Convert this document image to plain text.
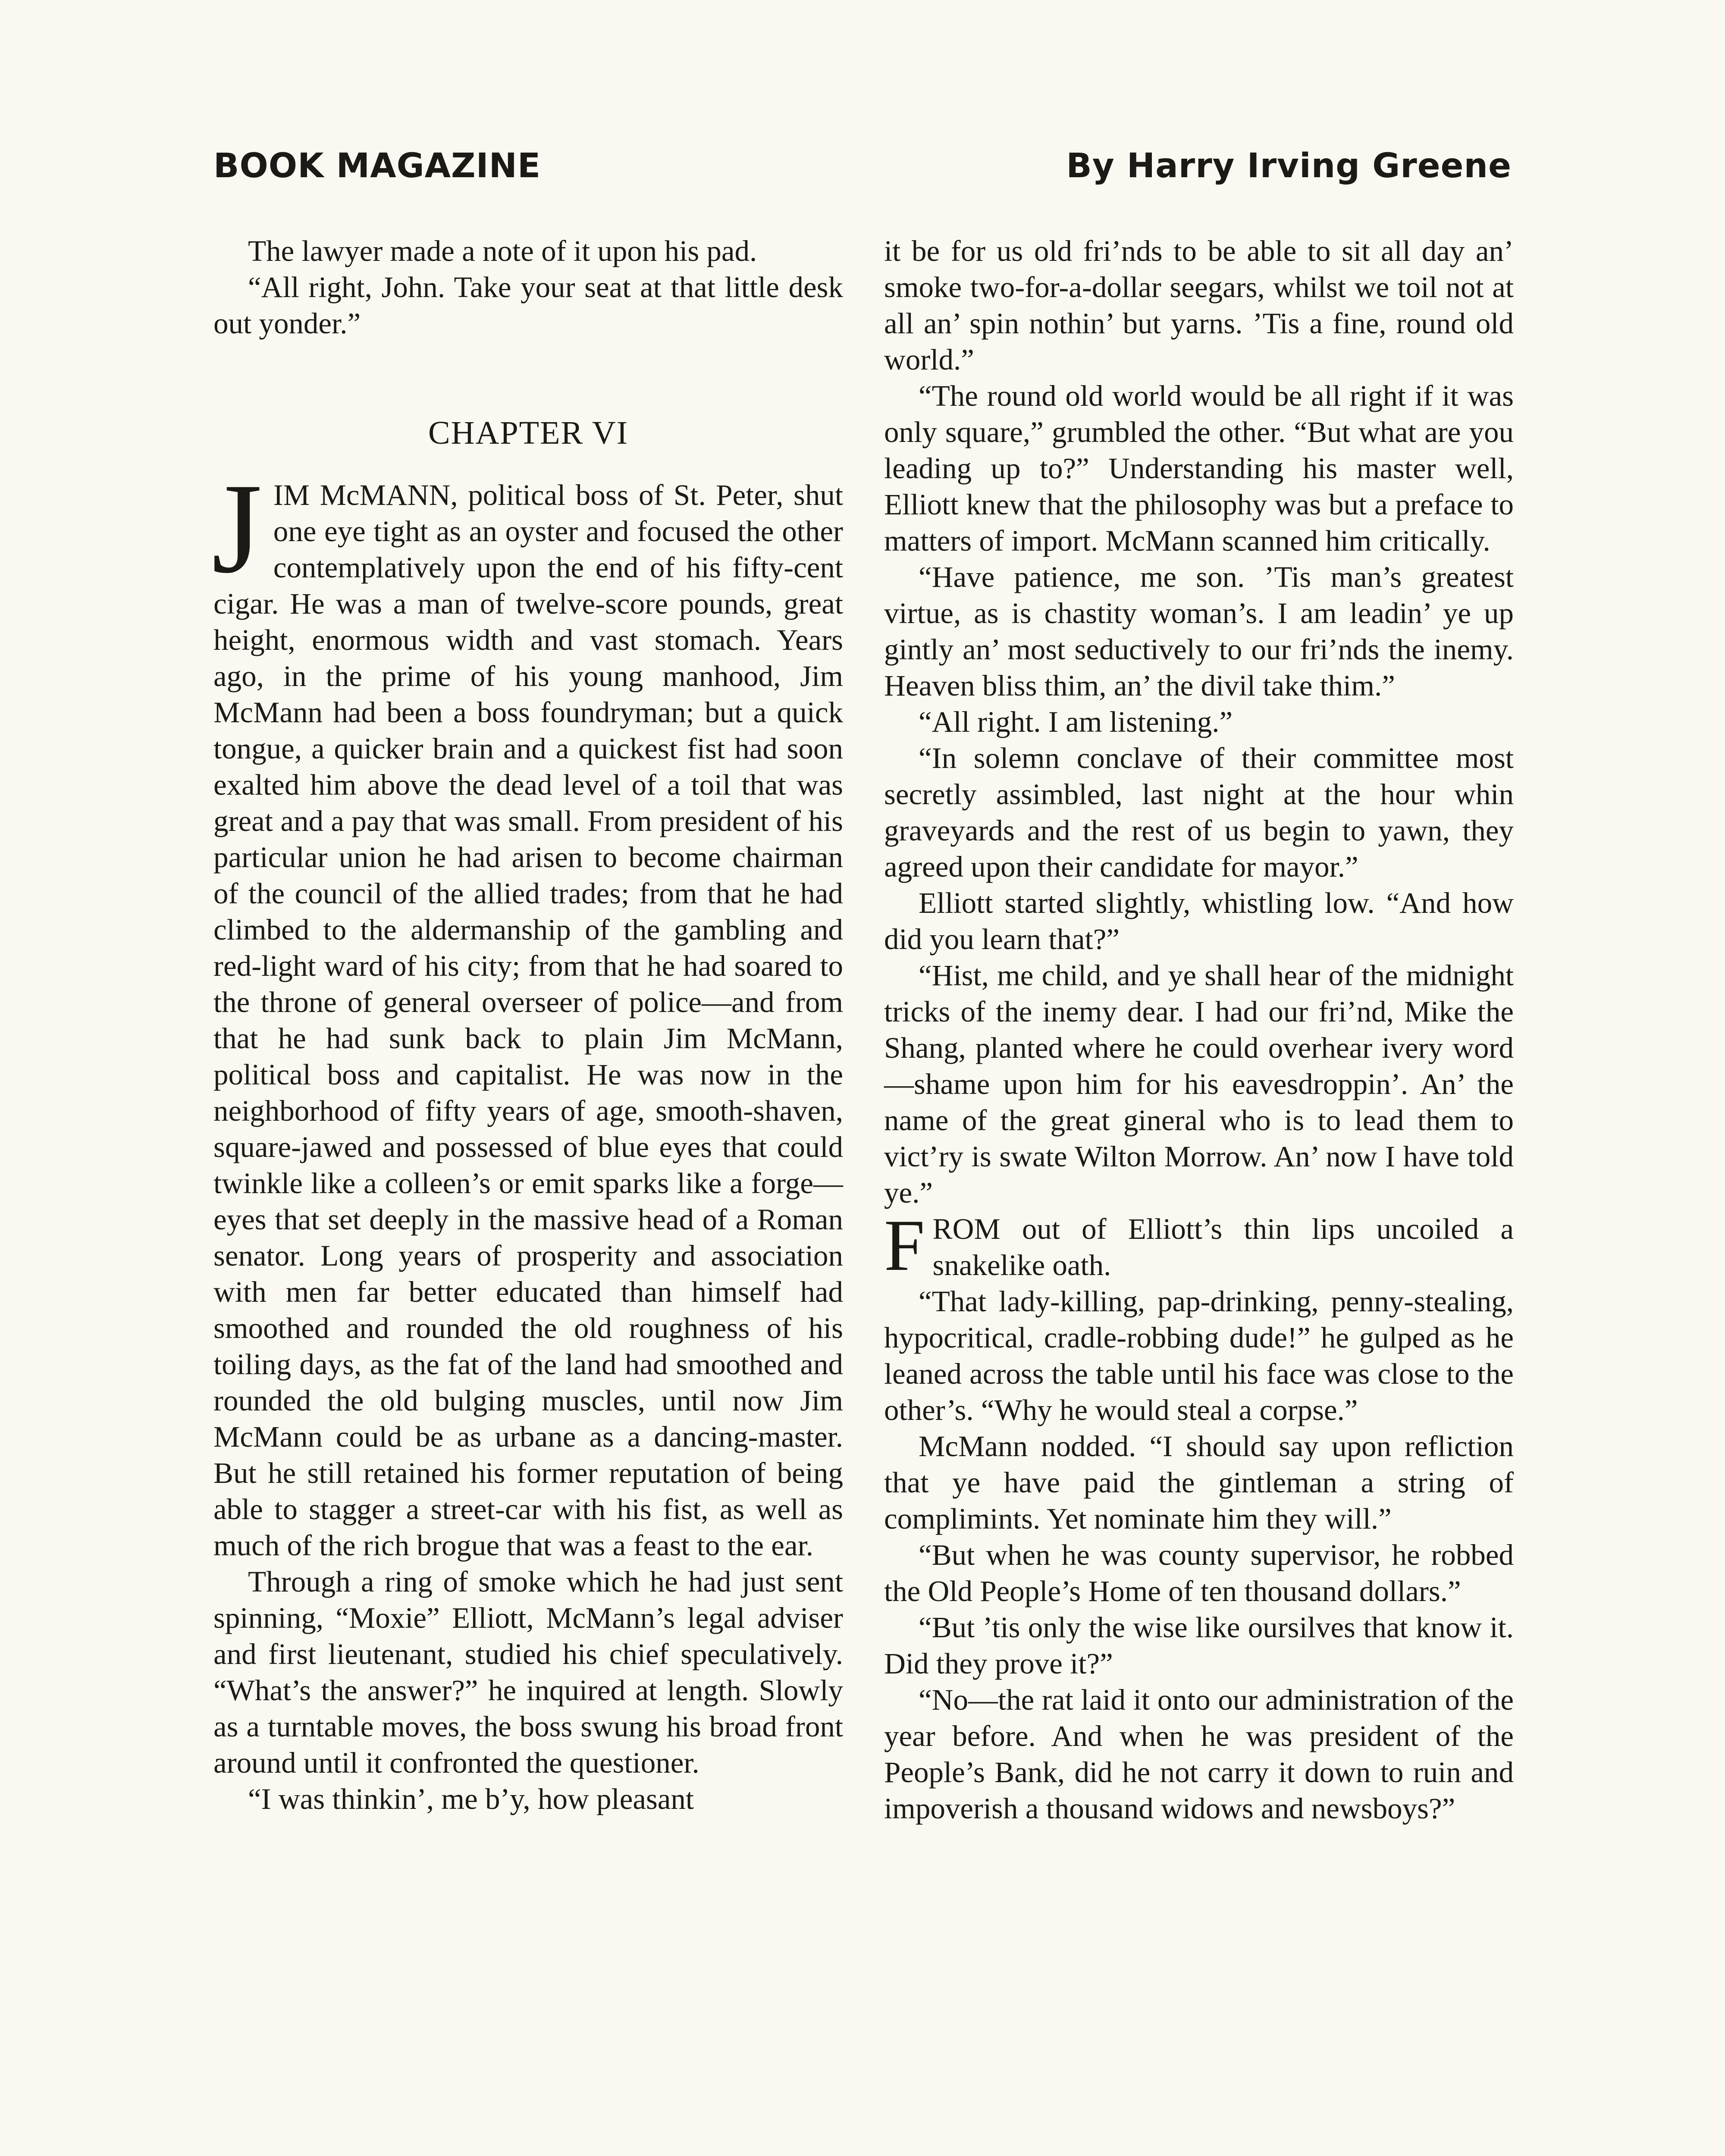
BOOK MAGAZINE	By Harry Irving Greene

The lawyer made a note of it upon his pad.

“All right, John. Take your seat at that little desk out yonder.”

CHAPTER VI

JIM McMANN, political boss of St. Peter, shut one eye tight as an oyster and focused the other contemplatively upon the end of his fifty-cent cigar. He was a man of twelve-score pounds, great height, enormous width and vast stomach. Years ago, in the prime of his young manhood, Jim McMann had been a boss foundryman; but a quick tongue, a quicker brain and a quickest fist had soon exalted him above the dead level of a toil that was great and a pay that was small. From president of his particular union he had arisen to become chairman of the council of the allied trades; from that he had climbed to the aldermanship of the gambling and red-light ward of his city; from that he had soared to the throne of general overseer of police—and from that he had sunk back to plain Jim McMann, political boss and capitalist. He was now in the neighborhood of fifty years of age, smooth-shaven, square-jawed and possessed of blue eyes that could twinkle like a colleen’s or emit sparks like a forge—eyes that set deeply in the massive head of a Roman senator. Long years of prosperity and association with men far better educated than himself had smoothed and rounded the old roughness of his toiling days, as the fat of the land had smoothed and rounded the old bulging muscles, until now Jim McMann could be as urbane as a dancing-master. But he still retained his former reputation of being able to stagger a street-car with his fist, as well as much of the rich brogue that was a feast to the ear.

Through a ring of smoke which he had just sent spinning, “Moxie” Elliott, McMann’s legal adviser and first lieutenant, studied his chief speculatively. “What’s the answer?” he inquired at length. Slowly as a turntable moves, the boss swung his broad front around until it confronted the questioner.

“I was thinkin’, me b’y, how pleasant

it be for us old fri’nds to be able to sit all day an’ smoke two-for-a-dollar seegars, whilst we toil not at all an’ spin nothin’ but yarns. ’Tis a fine, round old world.”

“The round old world would be all right if it was only square,” grumbled the other. “But what are you leading up to?” Understanding his master well, Elliott knew that the philosophy was but a preface to matters of import. McMann scanned him critically.

“Have patience, me son. ’Tis man’s greatest virtue, as is chastity woman’s. I am leadin’ ye up gintly an’ most seductively to our fri’nds the inemy. Heaven bliss thim, an’ the divil take thim.”

“All right. I am listening.”

“In solemn conclave of their committee most secretly assimbled, last night at the hour whin graveyards and the rest of us begin to yawn, they agreed upon their candidate for mayor.”

Elliott started slightly, whistling low. “And how did you learn that?”

“Hist, me child, and ye shall hear of the midnight tricks of the inemy dear. I had our fri’nd, Mike the Shang, planted where he could overhear ivery word—shame upon him for his eavesdroppin’. An’ the name of the great gineral who is to lead them to vict’ry is swate Wilton Morrow. An’ now I have told ye.”

FROM out of Elliott’s thin lips uncoiled a snakelike oath.

“That lady-killing, pap-drinking, penny-stealing, hypocritical, cradle-robbing dude!” he gulped as he leaned across the table until his face was close to the other’s. “Why he would steal a corpse.”

McMann nodded. “I should say upon refliction that ye have paid the gintleman a string of complimints. Yet nominate him they will.”

“But when he was county supervisor, he robbed the Old People’s Home of ten thousand dollars.”

“But ’tis only the wise like oursilves that know it. Did they prove it?”

“No—the rat laid it onto our administration of the year before. And when he was president of the People’s Bank, did he not carry it down to ruin and impoverish a thousand widows and newsboys?”
